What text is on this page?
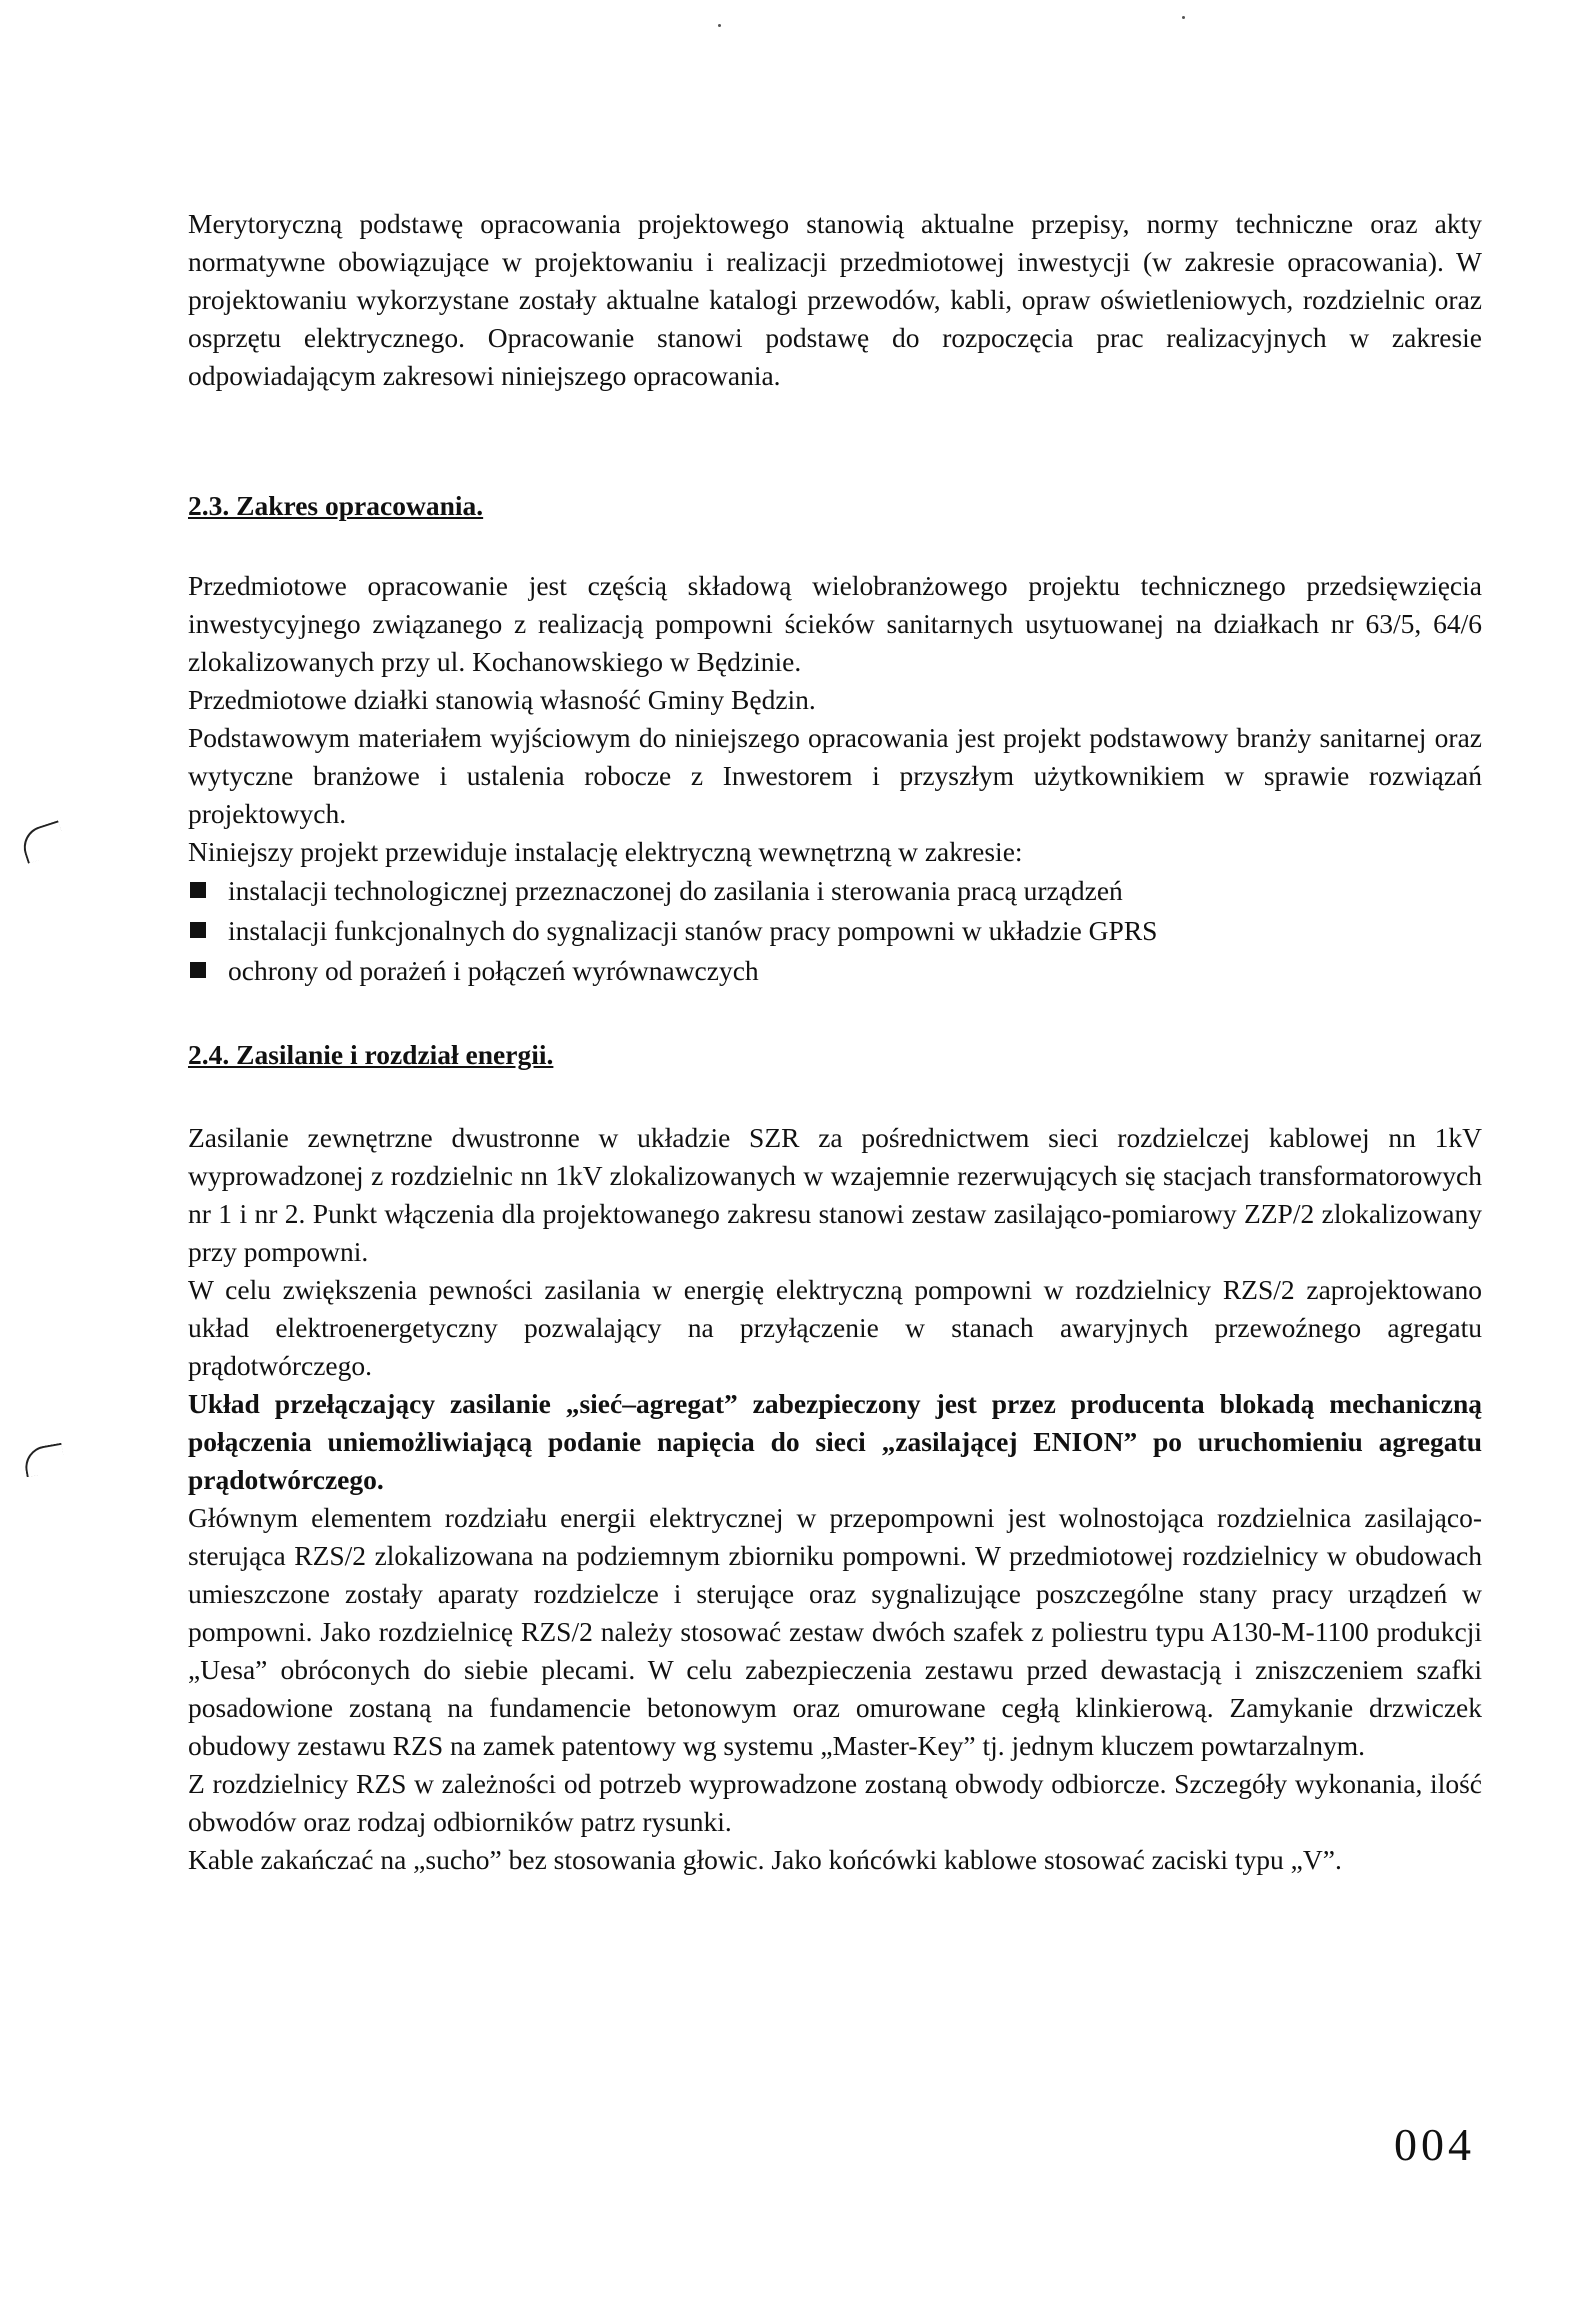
Merytoryczną podstawę opracowania projektowego stanowią aktualne przepisy, normy techniczne oraz akty normatywne obowiązujące w projektowaniu i realizacji przedmiotowej inwestycji (w zakresie opracowania). W projektowaniu wykorzystane zostały aktualne katalogi przewodów, kabli, opraw oświetleniowych, rozdzielnic oraz osprzętu elektrycznego. Opracowanie stanowi podstawę do rozpoczęcia prac realizacyjnych w zakresie odpowiadającym zakresowi niniejszego opracowania.

2.3. Zakres opracowania.

Przedmiotowe opracowanie jest częścią składową wielobranżowego projektu technicznego przedsięwzięcia inwestycyjnego związanego z realizacją pompowni ścieków sanitarnych usytuowanej na działkach nr 63/5, 64/6 zlokalizowanych przy ul. Kochanowskiego w Będzinie.

Przedmiotowe działki stanowią własność Gminy Będzin.

Podstawowym materiałem wyjściowym do niniejszego opracowania jest projekt podstawowy branży sanitarnej oraz wytyczne branżowe i ustalenia robocze z Inwestorem i przyszłym użytkownikiem w sprawie rozwiązań projektowych.

Niniejszy projekt przewiduje instalację elektryczną wewnętrzną w zakresie:

instalacji technologicznej przeznaczonej do zasilania i sterowania pracą urządzeń
instalacji funkcjonalnych do sygnalizacji stanów pracy pompowni w układzie GPRS
ochrony od porażeń i połączeń wyrównawczych
2.4. Zasilanie i rozdział energii.

Zasilanie zewnętrzne dwustronne w układzie SZR za pośrednictwem sieci rozdzielczej kablowej nn 1kV wyprowadzonej z rozdzielnic nn 1kV zlokalizowanych w wzajemnie rezerwujących się stacjach transformatorowych nr 1 i nr 2. Punkt włączenia dla projektowanego zakresu stanowi zestaw zasilająco-pomiarowy ZZP/2 zlokalizowany przy pompowni.

W celu zwiększenia pewności zasilania w energię elektryczną pompowni w rozdzielnicy RZS/2 zaprojektowano układ elektroenergetyczny pozwalający na przyłączenie w stanach awaryjnych przewoźnego agregatu prądotwórczego.

Układ przełączający zasilanie „sieć–agregat” zabezpieczony jest przez producenta blokadą mechaniczną połączenia uniemożliwiającą podanie napięcia do sieci „zasilającej ENION” po uruchomieniu agregatu prądotwórczego.

Głównym elementem rozdziału energii elektrycznej w przepompowni jest wolnostojąca rozdzielnica zasilająco-sterująca RZS/2 zlokalizowana na podziemnym zbiorniku pompowni. W przedmiotowej rozdzielnicy w obudowach umieszczone zostały aparaty rozdzielcze i sterujące oraz sygnalizujące poszczególne stany pracy urządzeń w pompowni. Jako rozdzielnicę RZS/2 należy stosować zestaw dwóch szafek z poliestru typu A130-M-1100 produkcji „Uesa” obróconych do siebie plecami. W celu zabezpieczenia zestawu przed dewastacją i zniszczeniem szafki posadowione zostaną na fundamencie betonowym oraz omurowane cegłą klinkierową. Zamykanie drzwiczek obudowy zestawu RZS na zamek patentowy wg systemu „Master-Key” tj. jednym kluczem powtarzalnym.

Z rozdzielnicy RZS w zależności od potrzeb wyprowadzone zostaną obwody odbiorcze. Szczegóły wykonania, ilość obwodów oraz rodzaj odbiorników patrz rysunki.

Kable zakańczać na „sucho” bez stosowania głowic. Jako końcówki kablowe stosować zaciski typu „V”.

004
